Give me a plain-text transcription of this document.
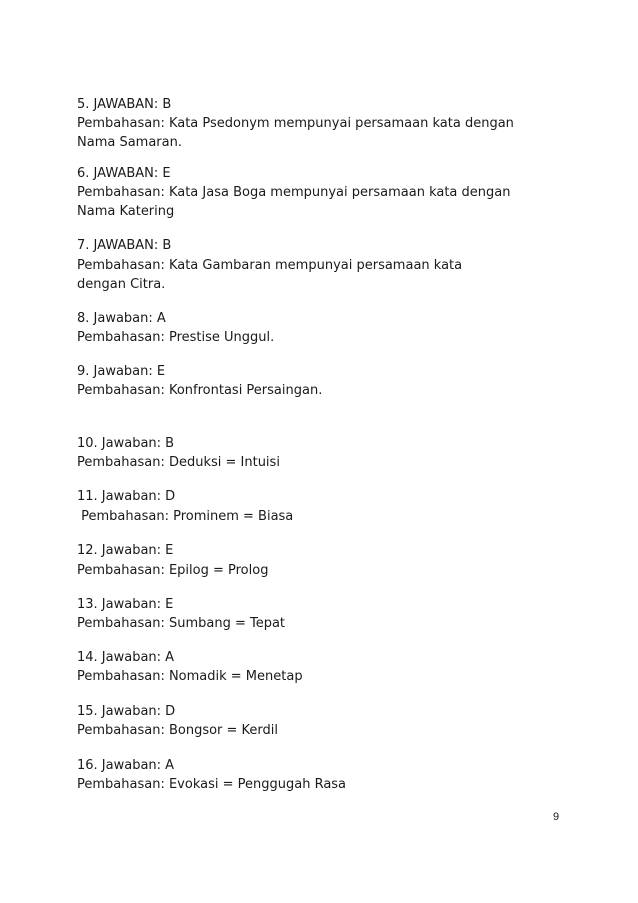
5. JAWABAN: B
Pembahasan: Kata Psedonym mempunyai persamaan kata dengan
Nama Samaran.
6. JAWABAN: E
Pembahasan: Kata Jasa Boga mempunyai persamaan kata dengan
Nama Katering
7. JAWABAN: B
Pembahasan: Kata Gambaran mempunyai persamaan kata
dengan Citra.
8. Jawaban: A
Pembahasan: Prestise Unggul.
9. Jawaban: E
Pembahasan: Konfrontasi Persaingan.
10. Jawaban: B
Pembahasan: Deduksi = Intuisi
11. Jawaban: D
Pembahasan: Prominem = Biasa
12. Jawaban: E
Pembahasan: Epilog = Prolog
13. Jawaban: E
Pembahasan: Sumbang = Tepat
14. Jawaban: A
Pembahasan: Nomadik = Menetap
15. Jawaban: D
Pembahasan: Bongsor = Kerdil
16. Jawaban: A
Pembahasan: Evokasi = Penggugah Rasa
9
